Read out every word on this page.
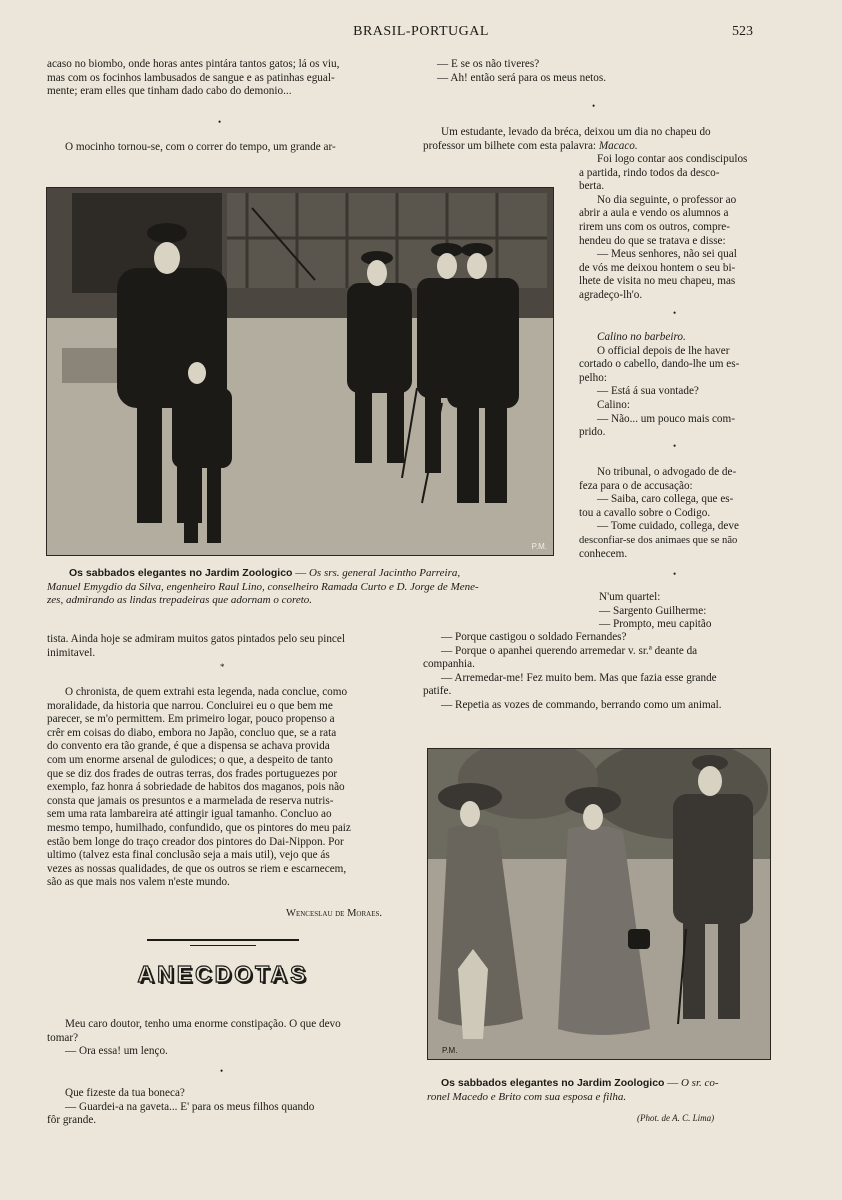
BRASIL-PORTUGAL	523

acaso no biombo, onde horas antes pintára tantos gatos; lá os viu,

mas com os focinhos lambusados de sangue e as patinhas egual-

mente; eram elles que tinham dado cabo do demonio...

•

O mocinho tornou-se, com o correr do tempo, um grande ar-

— E se os não tiveres?

— Ah! então será para os meus netos.

•

Um estudante, levado da bréca, deixou um dia no chapeu do

professor um bilhete com esta palavra: Macaco.

Foi logo contar aos condiscipulos

a partida, rindo todos da desco-

berta.

No dia seguinte, o professor ao

abrir a aula e vendo os alumnos a

rirem uns com os outros, compre-

hendeu do que se tratava e disse:

— Meus senhores, não sei qual

de vós me deixou hontem o seu bi-

lhete de visita no meu chapeu, mas

agradeço-lh'o.

•

Calino no barbeiro.

O official depois de lhe haver

cortado o cabello, dando-lhe um es-

pelho:

— Está á sua vontade?

Calino:

— Não... um pouco mais com-

prido.

•

No tribunal, o advogado de de-

feza para o de accusação:

— Saiba, caro collega, que es-

tou a cavallo sobre o Codigo.

— Tome cuidado, collega, deve

desconfiar-se dos animaes que se não

conhecem.

•

N'um quartel:

— Sargento Guilherme:

— Prompto, meu capitão

P.M.
Os sabbados elegantes no Jardim Zoologico — Os srs. general Jacintho Parreira,
Manuel Emygdio da Silva, engenheiro Raul Lino, conselheiro Ramada Curto e D. Jorge de Mene-
zes, admirando as lindas trepadeiras que adornam o coreto.

tista. Ainda hoje se admiram muitos gatos pintados pelo seu pincel

inimitavel.

*

O chronista, de quem extrahi esta legenda, nada conclue, como

moralidade, da historia que narrou. Concluirei eu o que bem me

parecer, se m'o permittem. Em primeiro logar, pouco propenso a

crêr em coisas do diabo, embora no Japão, concluo que, se a rata

do convento era tão grande, é que a dispensa se achava provida

com um enorme arsenal de gulodices; o que, a despeito de tanto

que se diz dos frades de outras terras, dos frades portuguezes por

exemplo, faz honra á sobriedade de habitos dos maganos, pois não

consta que jamais os presuntos e a marmelada de reserva nutris-

sem uma rata lambareira até attingir igual tamanho. Concluo ao

mesmo tempo, humilhado, confundido, que os pintores do meu paiz

estão bem longe do traço creador dos pintores do Dai-Nippon. Por

ultimo (talvez esta final conclusão seja a mais util), vejo que ás

vezes as nossas qualidades, de que os outros se riem e escarnecem,

são as que mais nos valem n'este mundo.

Wenceslau de Moraes.
ANECDOTAS

Meu caro doutor, tenho uma enorme constipação. O que devo

tomar?

— Ora essa! um lenço.

•

Que fizeste da tua boneca?

— Guardei-a na gaveta... E' para os meus filhos quando

fôr grande.

— Porque castigou o soldado Fernandes?

— Porque o apanhei querendo arremedar v. sr.ª deante da

companhia.

— Arremedar-me! Fez muito bem. Mas que fazia esse grande

patife.

— Repetia as vozes de commando, berrando como um animal.

P.M.
Os sabbados elegantes no Jardim Zoologico — O sr. co-
ronel Macedo e Brito com sua esposa e filha.
(Phot. de A. C. Lima)
